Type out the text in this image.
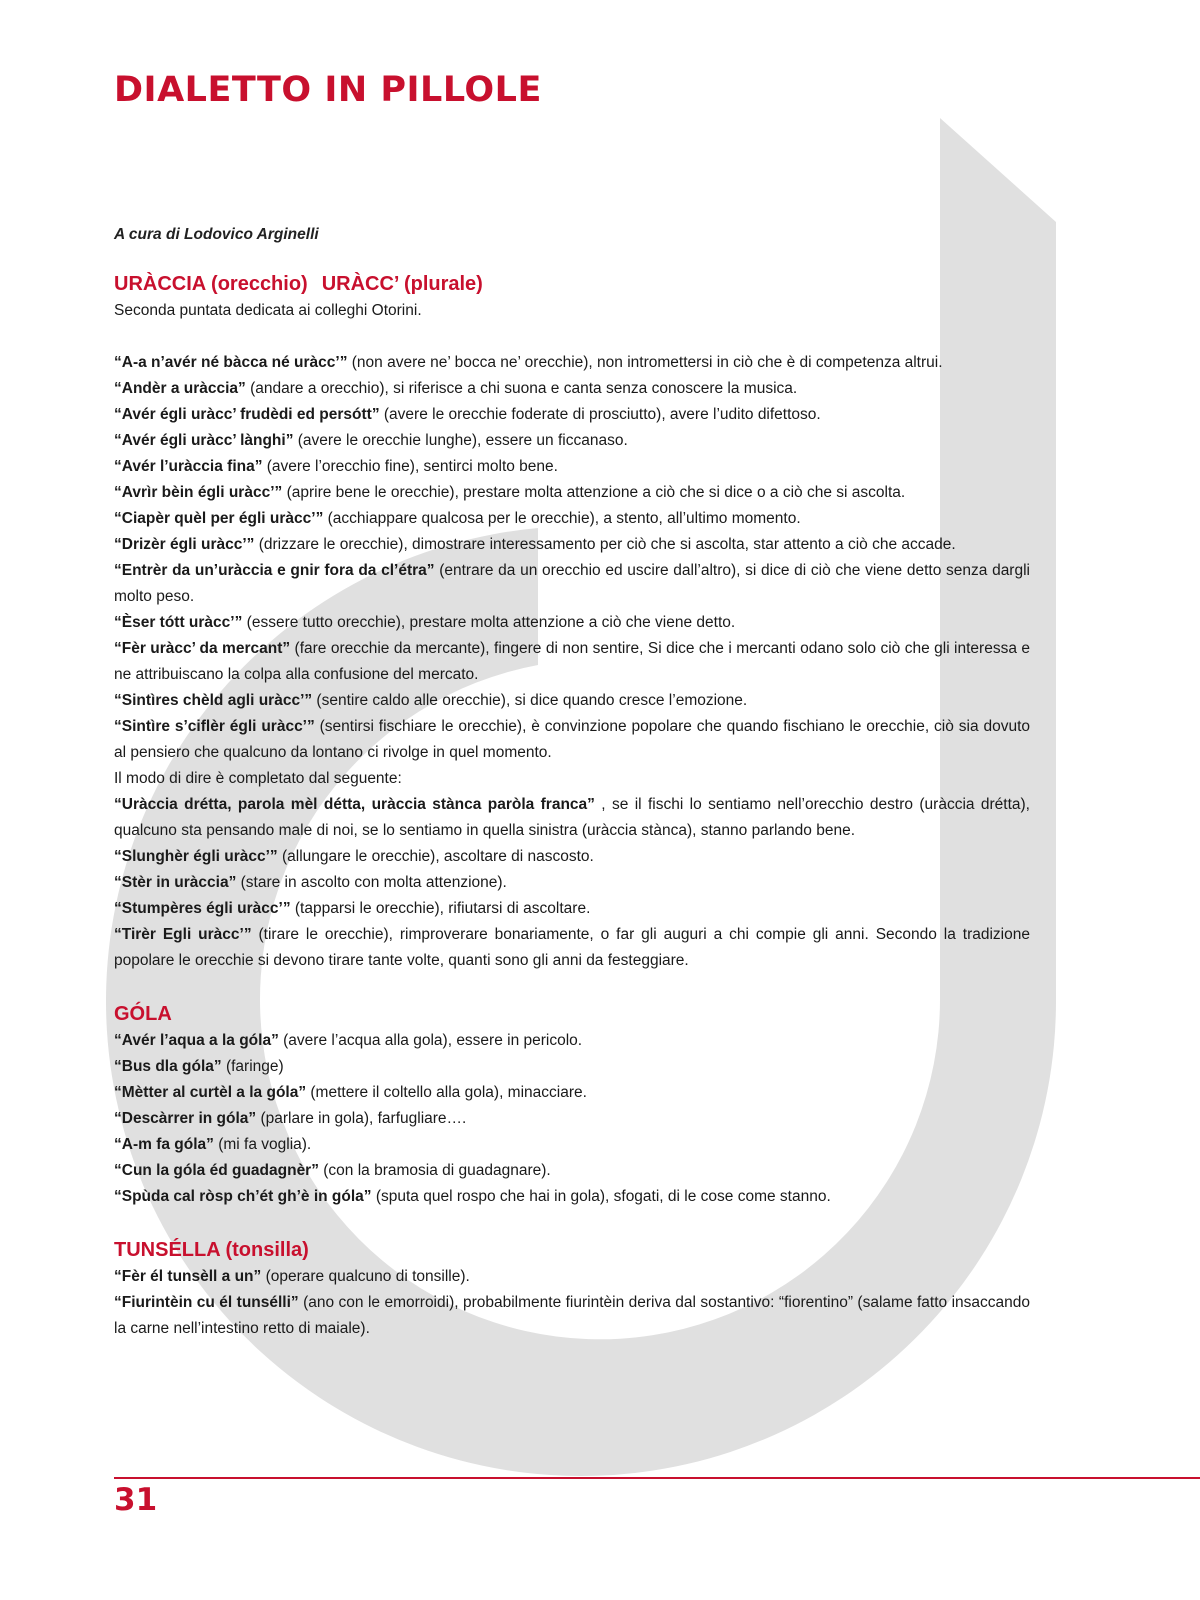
DIALETTO IN PILLOLE
A cura di Lodovico Arginelli
URÀCCIA (orecchio) URÀCC’ (plurale)

Seconda puntata dedicata ai colleghi Otorini.

“A-a n’avér né bàcca né uràcc’” (non avere ne’ bocca ne’ orecchie), non intromettersi in ciò che è di competenza altrui.

“Andèr a uràccia” (andare a orecchio), si riferisce a chi suona e canta senza conoscere la musica.

“Avér égli uràcc’ frudèdi ed persótt” (avere le orecchie foderate di prosciutto), avere l’udito difettoso.

“Avér égli uràcc’ lànghi” (avere le orecchie lunghe), essere un ficcanaso.

“Avér l’uràccia fina” (avere l’orecchio fine), sentirci molto bene.

“Avrìr bèin égli uràcc’” (aprire bene le orecchie), prestare molta attenzione a ciò che si dice o a ciò che si ascolta.

“Ciapèr quèl per égli uràcc’” (acchiappare qualcosa per le orecchie), a stento, all’ultimo momento.

“Drizèr égli uràcc’” (drizzare le orecchie), dimostrare interessamento per ciò che si ascolta, star attento a ciò che accade.

“Entrèr da un’uràccia e gnir fora da cl’étra” (entrare da un orecchio ed uscire dall’altro), si dice di ciò che viene detto senza dargli molto peso.

“Èser tótt uràcc’” (essere tutto orecchie), prestare molta attenzione a ciò che viene detto.

“Fèr uràcc’ da mercant” (fare orecchie da mercante), fingere di non sentire, Si dice che i mercanti odano solo ciò che gli interessa e ne attribuiscano la colpa alla confusione del mercato.

“Sintìres chèld agli uràcc’” (sentire caldo alle orecchie), si dice quando cresce l’emozione.

“Sintìre s’ciflèr égli uràcc’” (sentirsi fischiare le orecchie), è convinzione popolare che quando fischiano le orecchie, ciò sia dovuto al pensiero che qualcuno da lontano ci rivolge in quel momento.

Il modo di dire è completato dal seguente:

“Uràccia drétta, parola mèl détta, uràccia stànca paròla franca” , se il fischi lo sentiamo nell’orecchio destro (uràccia drétta), qualcuno sta pensando male di noi, se lo sentiamo in quella sinistra (uràccia stànca), stanno parlando bene.

“Slunghèr égli uràcc’” (allungare le orecchie), ascoltare di nascosto.

“Stèr in uràccia” (stare in ascolto con molta attenzione).

“Stumpères égli uràcc’” (tapparsi le orecchie), rifiutarsi di ascoltare.

“Tirèr Egli uràcc’” (tirare le orecchie), rimproverare bonariamente, o far gli auguri a chi compie gli anni. Secondo la tradizione popolare le orecchie si devono tirare tante volte, quanti sono gli anni da festeggiare.

GÓLA

“Avér l’aqua a la góla” (avere l’acqua alla gola), essere in pericolo.

“Bus dla góla” (faringe)

“Mètter al curtèl a la góla” (mettere il coltello alla gola), minacciare.

“Descàrrer in góla” (parlare in gola), farfugliare….

“A-m fa góla” (mi fa voglia).

“Cun la góla éd guadagnèr” (con la bramosia di guadagnare).

“Spùda cal ròsp ch’ét gh’è in góla” (sputa quel rospo che hai in gola), sfogati, di le cose come stanno.

TUNSÉLLA (tonsilla)

“Fèr él tunsèll a un” (operare qualcuno di tonsille).

“Fiurintèin cu él tunsélli” (ano con le emorroidi), probabilmente fiurintèin deriva dal sostantivo: “fiorentino” (salame fatto insaccando la carne nell’intestino retto di maiale).

31
